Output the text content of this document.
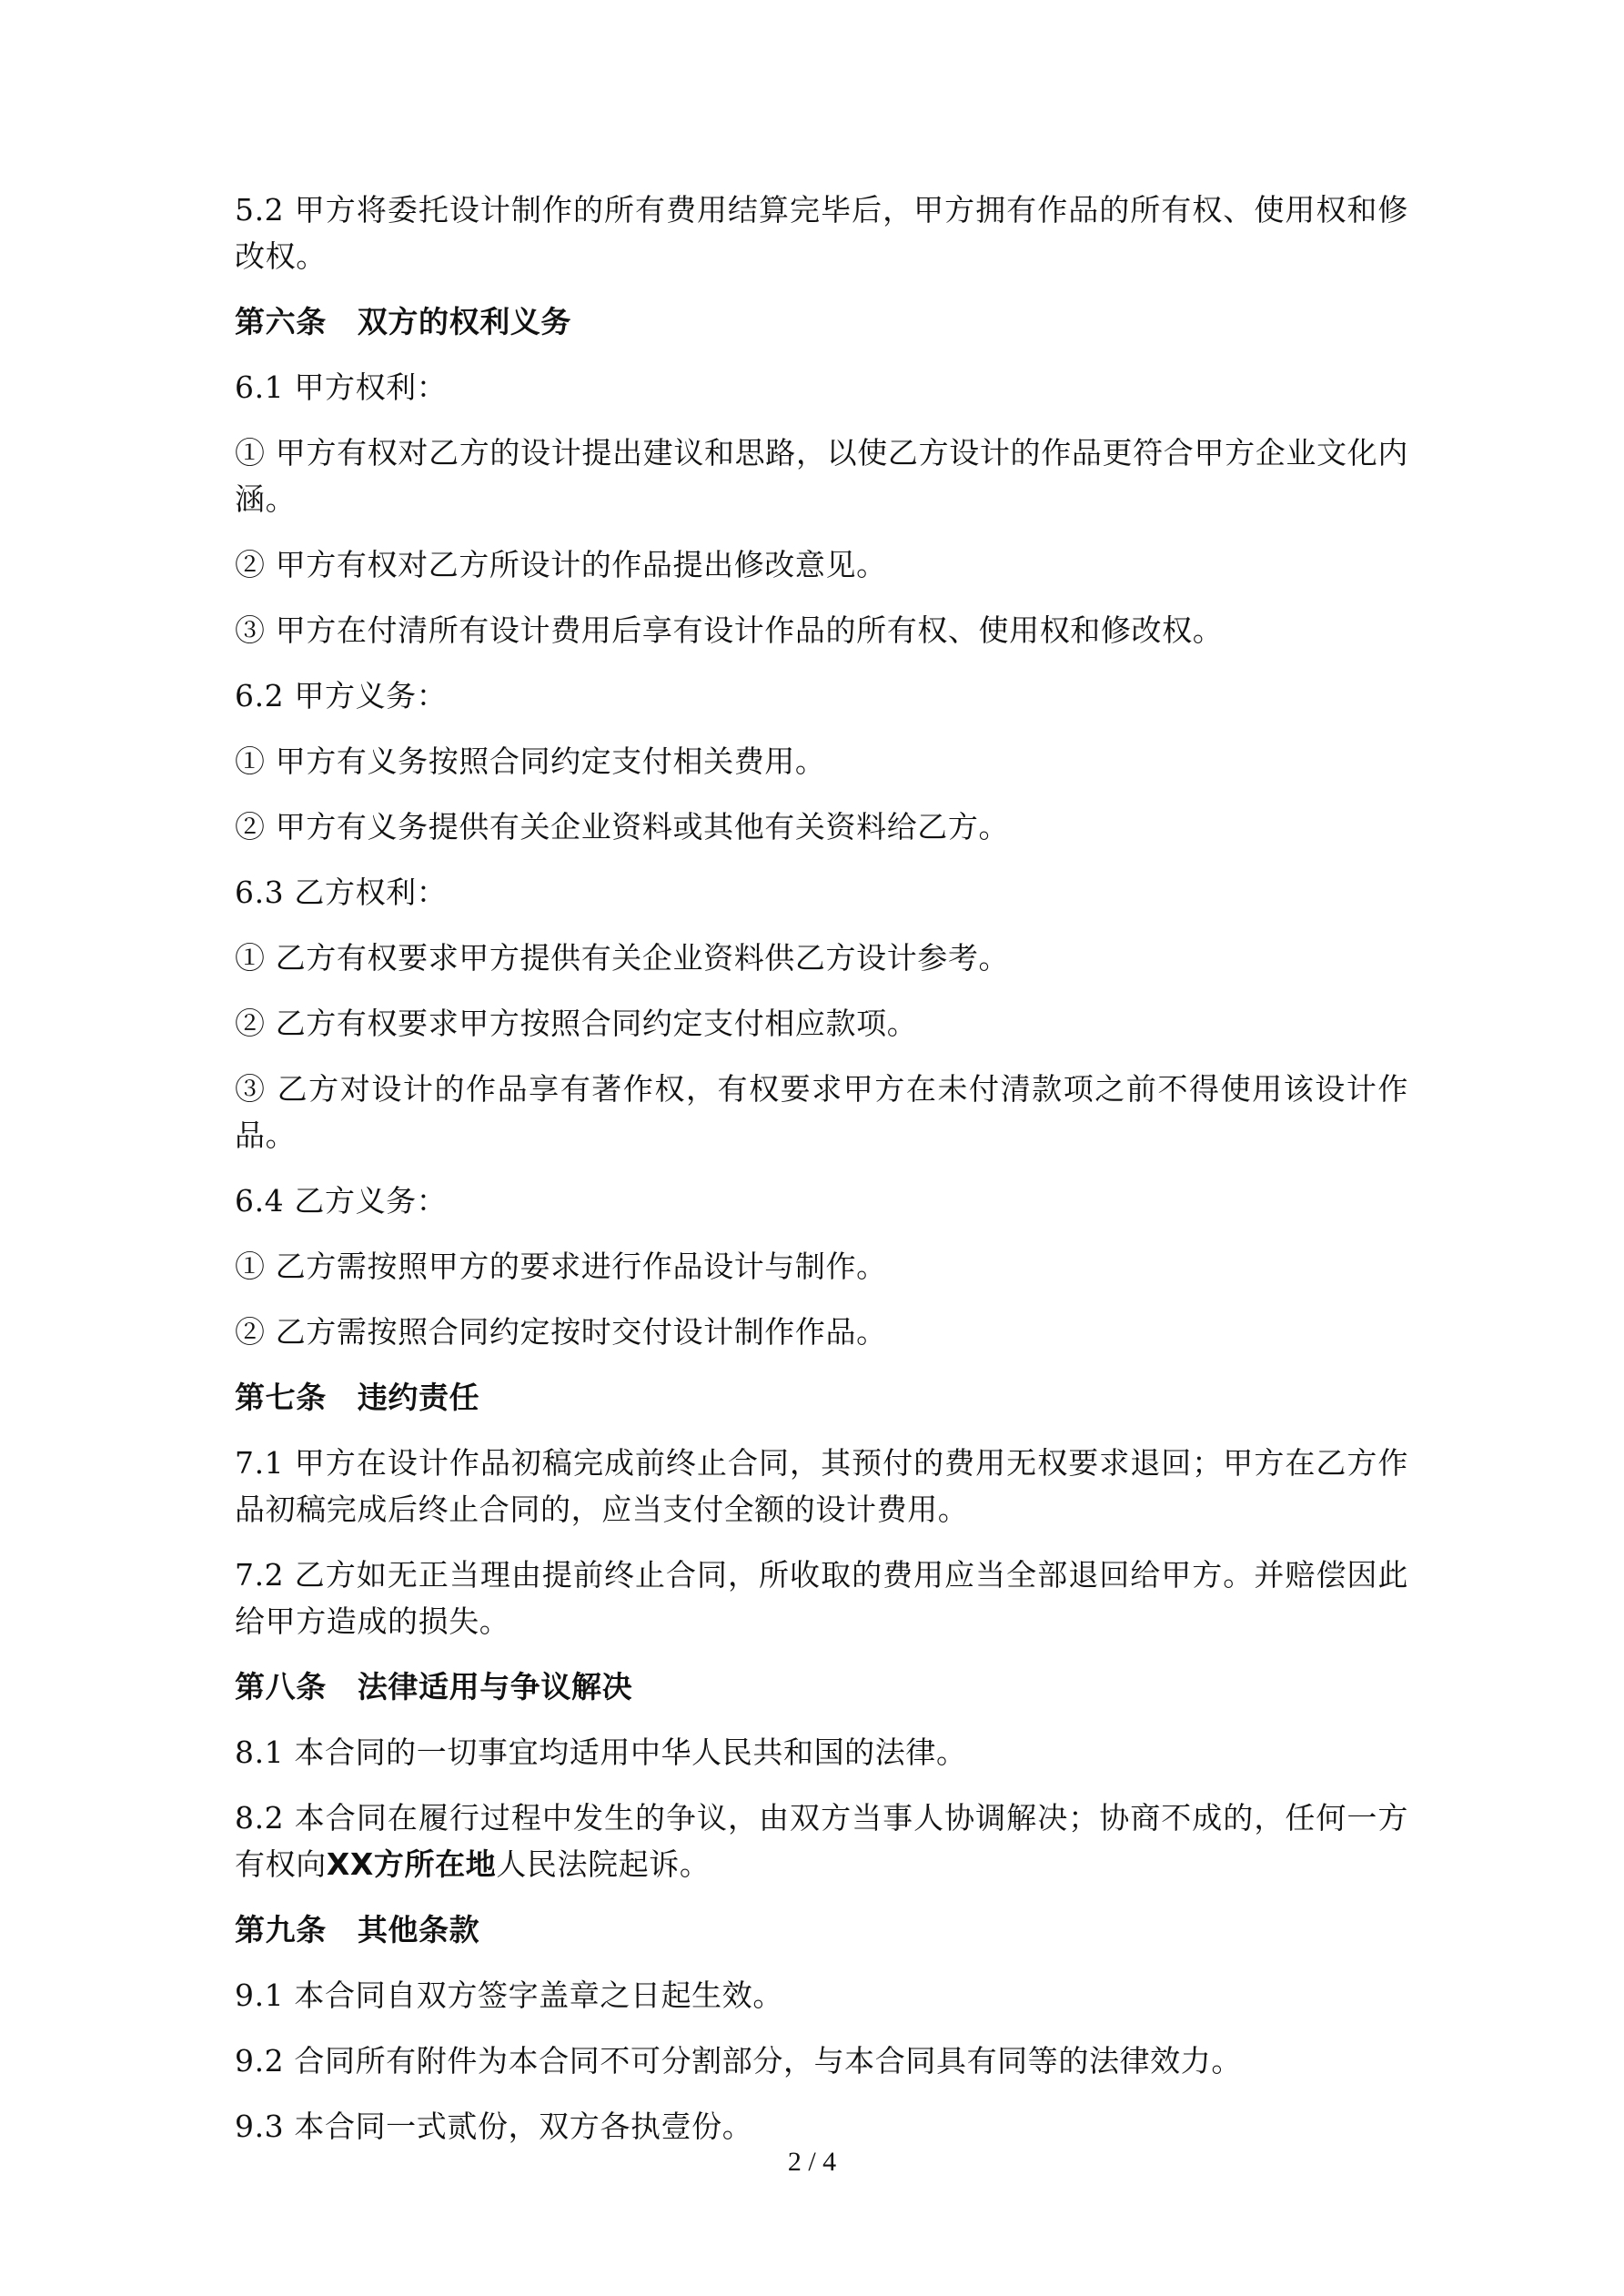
5.2 甲方将委托设计制作的所有费用结算完毕后，甲方拥有作品的所有权、使用权和修改权。

第六条 双方的权利义务

6.1 甲方权利：

① 甲方有权对乙方的设计提出建议和思路，以使乙方设计的作品更符合甲方企业文化内涵。

② 甲方有权对乙方所设计的作品提出修改意见。

③ 甲方在付清所有设计费用后享有设计作品的所有权、使用权和修改权。

6.2 甲方义务：

① 甲方有义务按照合同约定支付相关费用。

② 甲方有义务提供有关企业资料或其他有关资料给乙方。

6.3 乙方权利：

① 乙方有权要求甲方提供有关企业资料供乙方设计参考。

② 乙方有权要求甲方按照合同约定支付相应款项。

③ 乙方对设计的作品享有著作权，有权要求甲方在未付清款项之前不得使用该设计作品。

6.4 乙方义务：

① 乙方需按照甲方的要求进行作品设计与制作。

② 乙方需按照合同约定按时交付设计制作作品。

第七条 违约责任

7.1 甲方在设计作品初稿完成前终止合同，其预付的费用无权要求退回；甲方在乙方作品初稿完成后终止合同的，应当支付全额的设计费用。

7.2 乙方如无正当理由提前终止合同，所收取的费用应当全部退回给甲方。并赔偿因此给甲方造成的损失。

第八条 法律适用与争议解决

8.1 本合同的一切事宜均适用中华人民共和国的法律。

8.2 本合同在履行过程中发生的争议，由双方当事人协调解决；协商不成的，任何一方有权向XX方所在地人民法院起诉。

第九条 其他条款

9.1 本合同自双方签字盖章之日起生效。

9.2 合同所有附件为本合同不可分割部分，与本合同具有同等的法律效力。

9.3 本合同一式贰份，双方各执壹份。

2 / 4
